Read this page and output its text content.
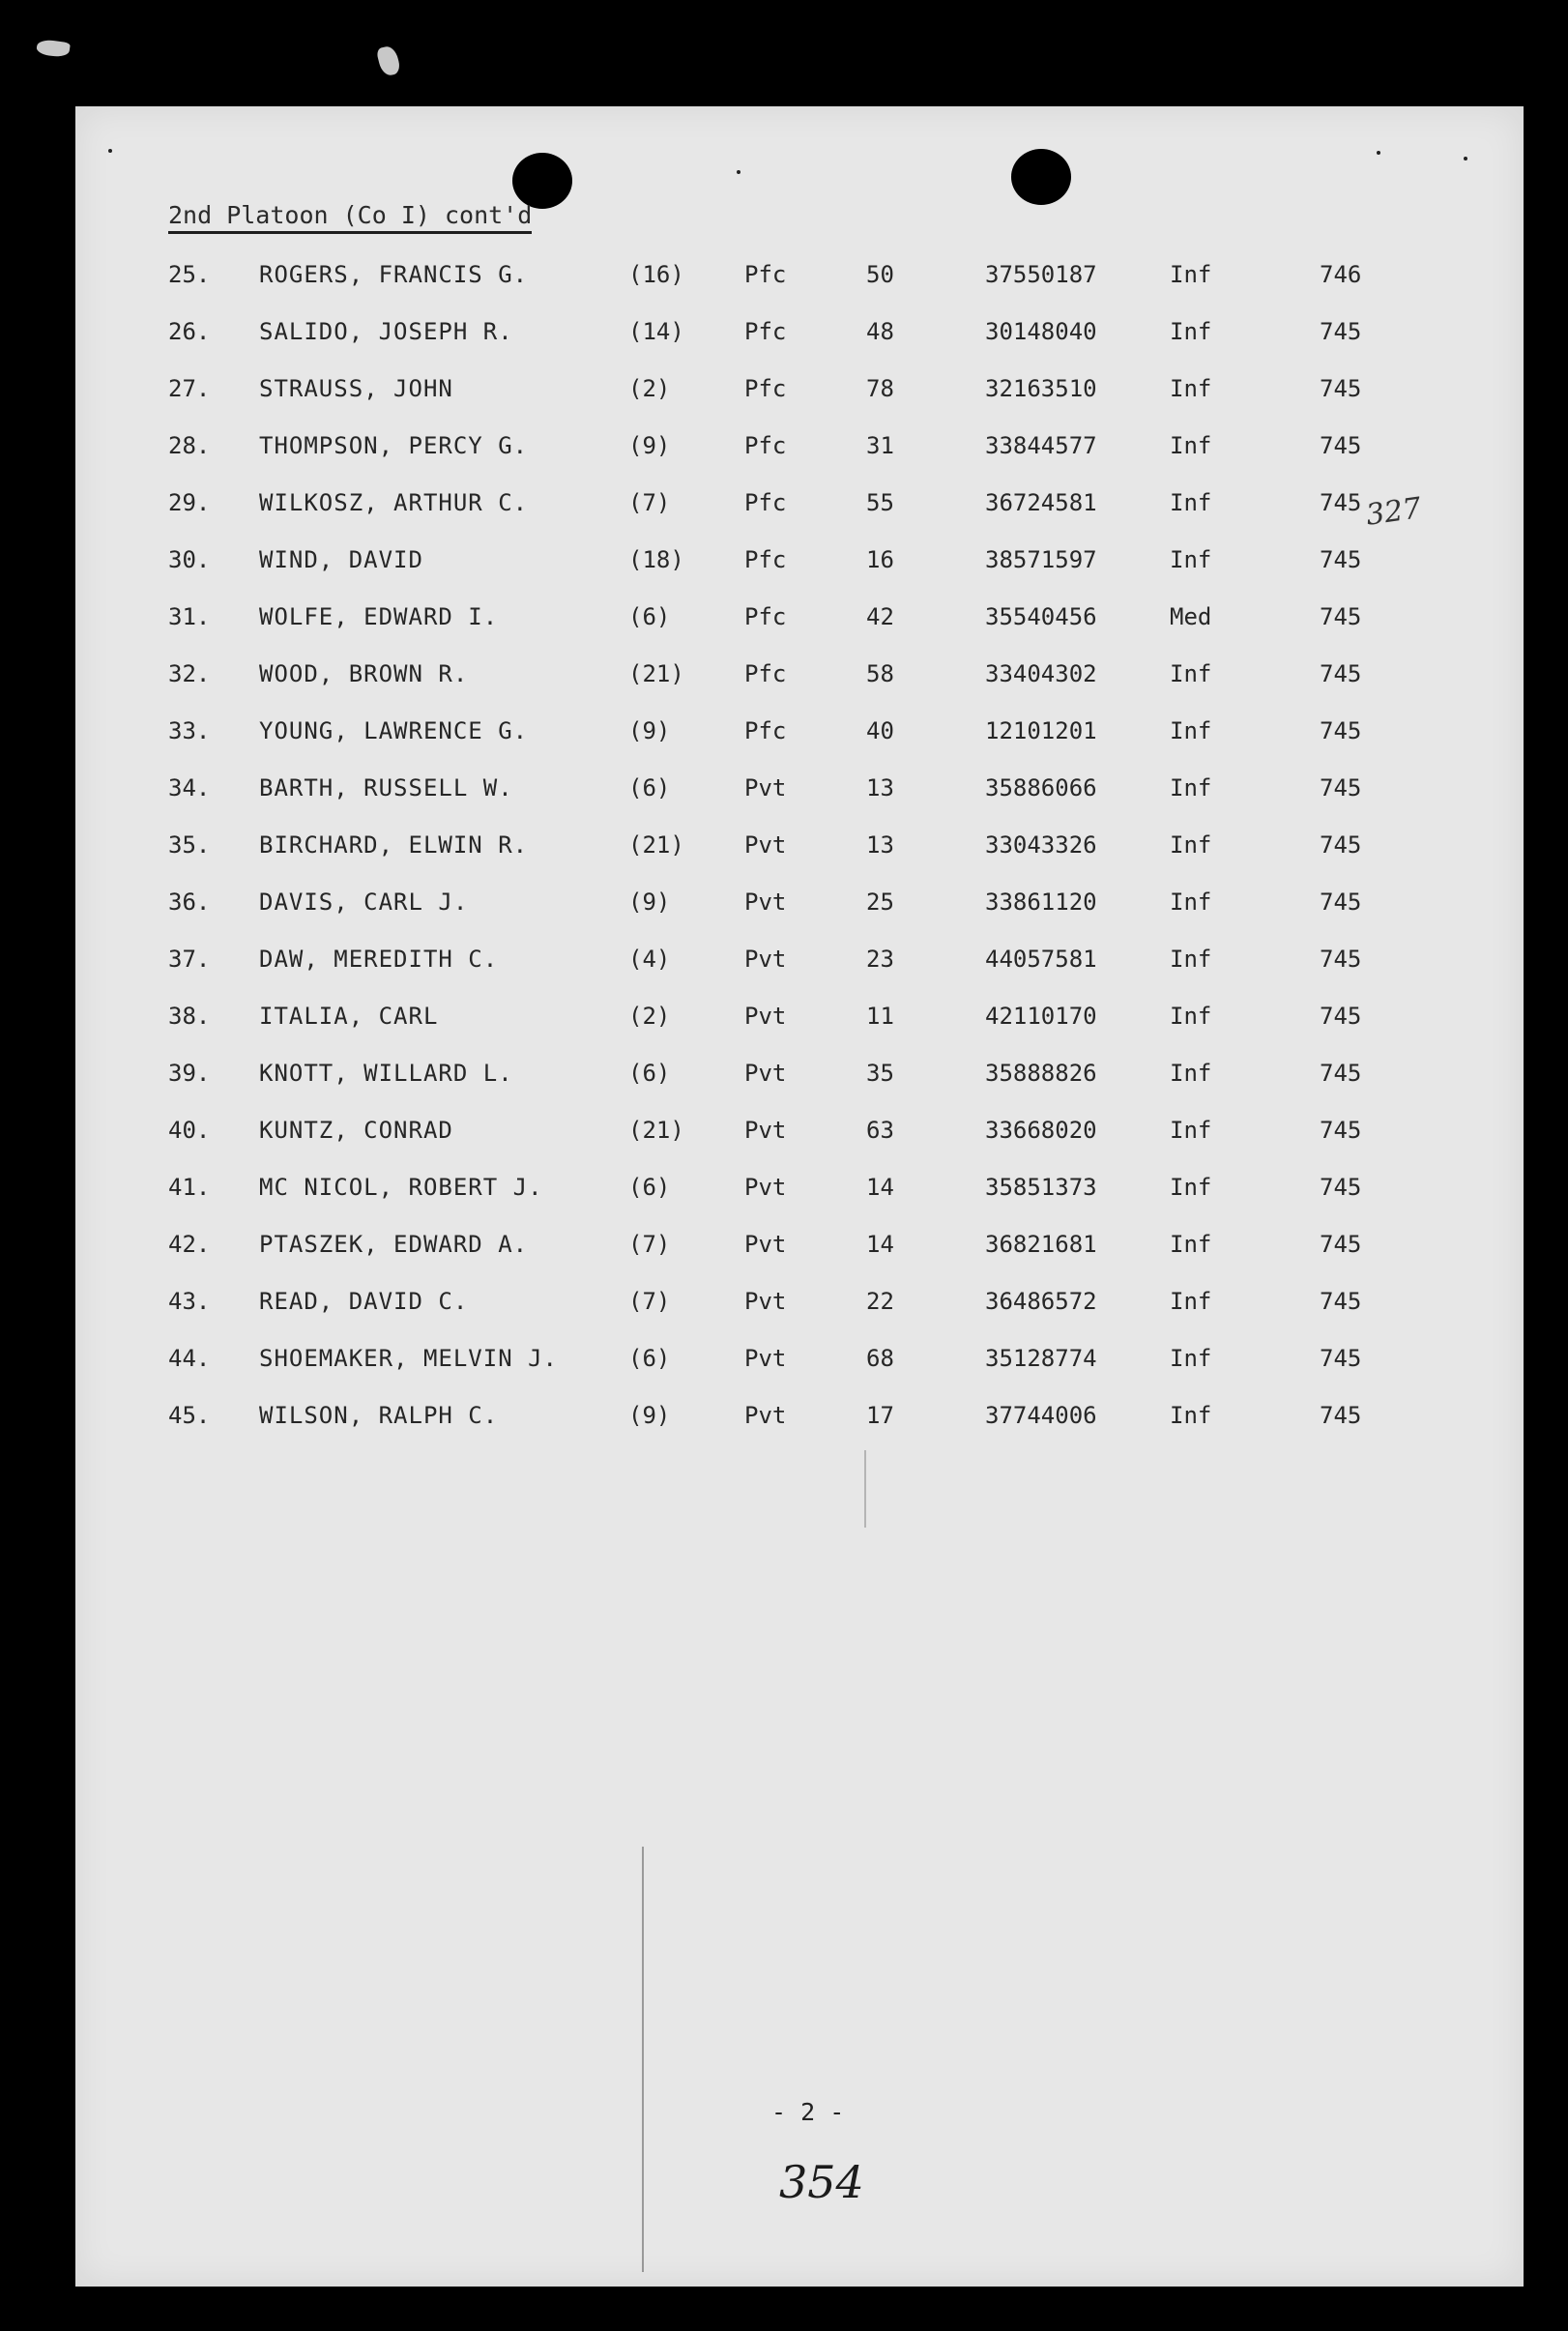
2nd Platoon (Co I) cont'd
25.	ROGERS, FRANCIS G.	(16)	Pfc	50	37550187	Inf	746
26.	SALIDO, JOSEPH R.	(14)	Pfc	48	30148040	Inf	745
27.	STRAUSS, JOHN	(2)	Pfc	78	32163510	Inf	745
28.	THOMPSON, PERCY G.	(9)	Pfc	31	33844577	Inf	745
29.	WILKOSZ, ARTHUR C.	(7)	Pfc	55	36724581	Inf	745
30.	WIND, DAVID	(18)	Pfc	16	38571597	Inf	745
31.	WOLFE, EDWARD I.	(6)	Pfc	42	35540456	Med	745
32.	WOOD, BROWN R.	(21)	Pfc	58	33404302	Inf	745
33.	YOUNG, LAWRENCE G.	(9)	Pfc	40	12101201	Inf	745
34.	BARTH, RUSSELL W.	(6)	Pvt	13	35886066	Inf	745
35.	BIRCHARD, ELWIN R.	(21)	Pvt	13	33043326	Inf	745
36.	DAVIS, CARL J.	(9)	Pvt	25	33861120	Inf	745
37.	DAW, MEREDITH C.	(4)	Pvt	23	44057581	Inf	745
38.	ITALIA, CARL	(2)	Pvt	11	42110170	Inf	745
39.	KNOTT, WILLARD L.	(6)	Pvt	35	35888826	Inf	745
40.	KUNTZ, CONRAD	(21)	Pvt	63	33668020	Inf	745
41.	MC NICOL, ROBERT J.	(6)	Pvt	14	35851373	Inf	745
42.	PTASZEK, EDWARD A.	(7)	Pvt	14	36821681	Inf	745
43.	READ, DAVID C.	(7)	Pvt	22	36486572	Inf	745
44.	SHOEMAKER, MELVIN J.	(6)	Pvt	68	35128774	Inf	745
45.	WILSON, RALPH C.	(9)	Pvt	17	37744006	Inf	745
327
- 2 -
354
